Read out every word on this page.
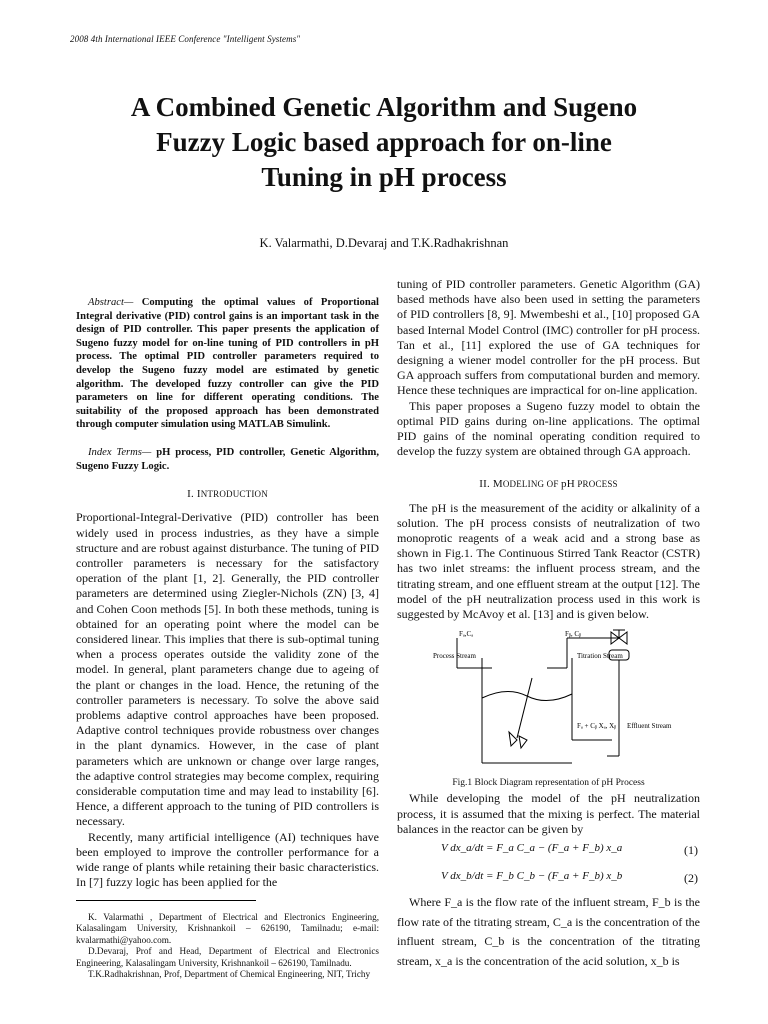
2008 4th International IEEE Conference "Intelligent Systems"
A Combined Genetic Algorithm and Sugeno
Fuzzy Logic based approach for on-line
Tuning in pH process
K. Valarmathi, D.Devaraj and T.K.Radhakrishnan

Abstract— Computing the optimal values of Proportional Integral derivative (PID) control gains is an important task in the design of PID controller. This paper presents the application of Sugeno fuzzy model for on-line tuning of PID controllers in pH process. The optimal PID controller parameters required to develop the Sugeno fuzzy model are estimated by genetic algorithm. The developed fuzzy controller can give the PID parameters on line for different operating conditions. The suitability of the proposed approach has been demonstrated through computer simulation using MATLAB Simulink.

Index Terms— pH process, PID controller, Genetic Algorithm, Sugeno Fuzzy Logic.

I. INTRODUCTION

Proportional-Integral-Derivative (PID) controller has been widely used in process industries, as they have a simple structure and are robust against disturbance. The tuning of PID controller parameters is necessary for the satisfactory operation of the plant [1, 2]. Generally, the PID controller parameters are determined using Ziegler-Nichols (ZN) [3, 4] and Cohen Coon methods [5]. In both these methods, tuning is obtained for an operating point where the model can be considered linear. This implies that there is sub-optimal tuning when a process operates outside the validity zone of the model. In general, plant parameters change due to ageing of the plant or changes in the load. Hence, the retuning of the controller parameters is necessary. To solve the above said problems adaptive control approaches have been proposed. Adaptive control techniques provide robustness over changes in the plant dynamics. However, in the case of plant parameters which are unknown or change over large ranges, the adaptive control strategies may become complex, requiring considerable computation time and may lead to instability [6]. Hence, a different approach to the tuning of PID controllers is necessary.

Recently, many artificial intelligence (AI) techniques have been employed to improve the controller performance for a wide range of plants while retaining their basic characteristics. In [7] fuzzy logic has been applied for the

K. Valarmathi , Department of Electrical and Electronics Engineering, Kalasalingam University, Krishnankoil – 626190, Tamilnadu; e-mail: kvalarmathi@yahoo.com.

D.Devaraj, Prof and Head, Department of Electrical and Electronics Engineering, Kalasalingam University, Krishnankoil – 626190, Tamilnadu.

T.K.Radhakrishnan, Prof, Department of Chemical Engineering, NIT, Trichy

tuning of PID controller parameters. Genetic Algorithm (GA) based methods have also been used in setting the parameters of PID controllers [8, 9]. Mwembeshi et al., [10] proposed GA based Internal Model Control (IMC) controller for pH process. Tan et al., [11] explored the use of GA techniques for designing a wiener model controller for the pH process. But GA approach suffers from computational burden and memory. Hence these techniques are impractical for on-line application.

This paper proposes a Sugeno fuzzy model to obtain the optimal PID gains during on-line applications. The optimal PID gains of the nominal operating condition required to develop the fuzzy system are obtained through GA approach.

II. MODELING OF pH PROCESS

The pH is the measurement of the acidity or alkalinity of a solution. The pH process consists of neutralization of two monoprotic reagents of a weak acid and a strong base as shown in Fig.1. The Continuous Stirred Tank Reactor (CSTR) has two inlet streams: the influent process stream, and the titrating stream, and one effluent stream at the output [12]. The model of the pH neutralization process used in this work is suggested by McAvoy et al. [13] and is given below.

Fₐ,Cₐ	Fᵦ, Cᵦ
Process Stream	Titration Stream
Fₐ + Cᵦ Xₐ, Xᵦ Effluent Stream
Fig.1 Block Diagram representation of pH Process

While developing the model of the pH neutralization process, it is assumed that the mixing is perfect. The material balances in the reactor can be given by

V dx_a/dt = F_a C_a − (F_a + F_b) x_a	(1)
V dx_b/dt = F_b C_b − (F_a + F_b) x_b	(2)

Where F_a is the flow rate of the influent stream, F_b is the flow rate of the titrating stream, C_a is the concentration of the influent stream, C_b is the concentration of the titrating stream, x_a is the concentration of the acid solution, x_b is
